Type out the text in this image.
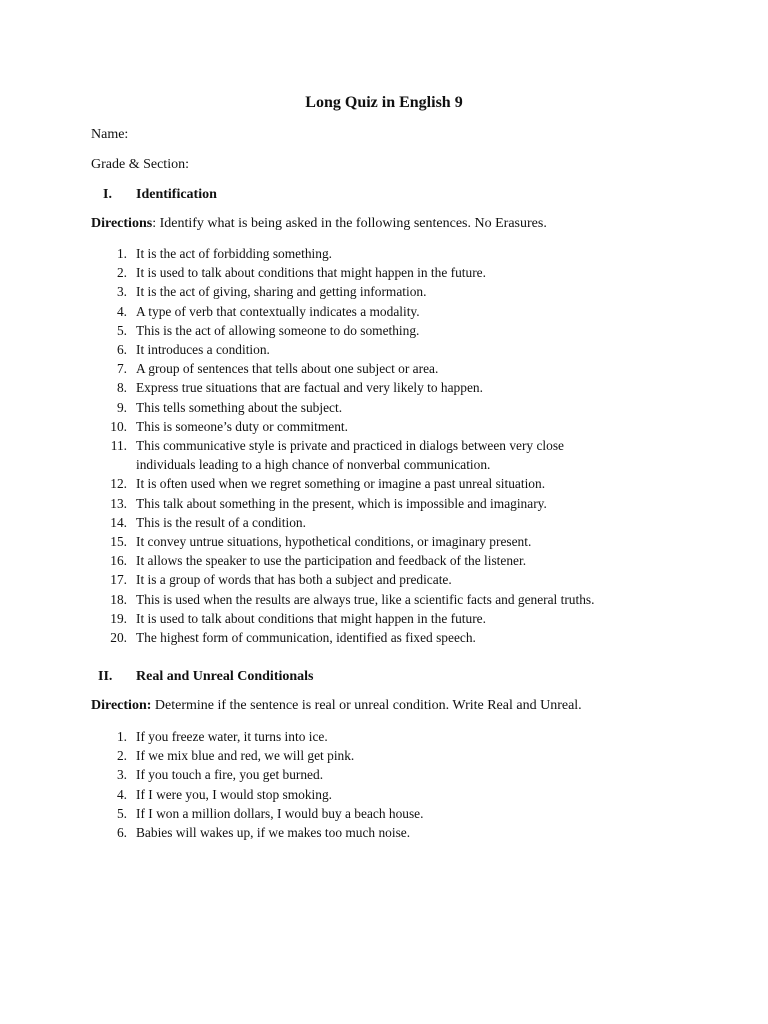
Long Quiz in English 9
Name:
Grade & Section:
I.	Identification
Directions: Identify what is being asked in the following sentences. No Erasures.
1. It is the act of forbidding something.
2. It is used to talk about conditions that might happen in the future.
3. It is the act of giving, sharing and getting information.
4. A type of verb that contextually indicates a modality.
5. This is the act of allowing someone to do something.
6. It introduces a condition.
7. A group of sentences that tells about one subject or area.
8. Express true situations that are factual and very likely to happen.
9. This tells something about the subject.
10. This is someone’s duty or commitment.
11. This communicative style is private and practiced in dialogs between very close individuals leading to a high chance of nonverbal communication.
12. It is often used when we regret something or imagine a past unreal situation.
13. This talk about something in the present, which is impossible and imaginary.
14. This is the result of a condition.
15. It convey untrue situations, hypothetical conditions, or imaginary present.
16. It allows the speaker to use the participation and feedback of the listener.
17. It is a group of words that has both a subject and predicate.
18. This is used when the results are always true, like a scientific facts and general truths.
19. It is used to talk about conditions that might happen in the future.
20. The highest form of communication, identified as fixed speech.
II.	Real and Unreal Conditionals
Direction: Determine if the sentence is real or unreal condition. Write Real and Unreal.
1. If you freeze water, it turns into ice.
2. If we mix blue and red, we will get pink.
3. If you touch a fire, you get burned.
4. If I were you, I would stop smoking.
5. If I won a million dollars, I would buy a beach house.
6. Babies will wakes up, if we makes too much noise.
